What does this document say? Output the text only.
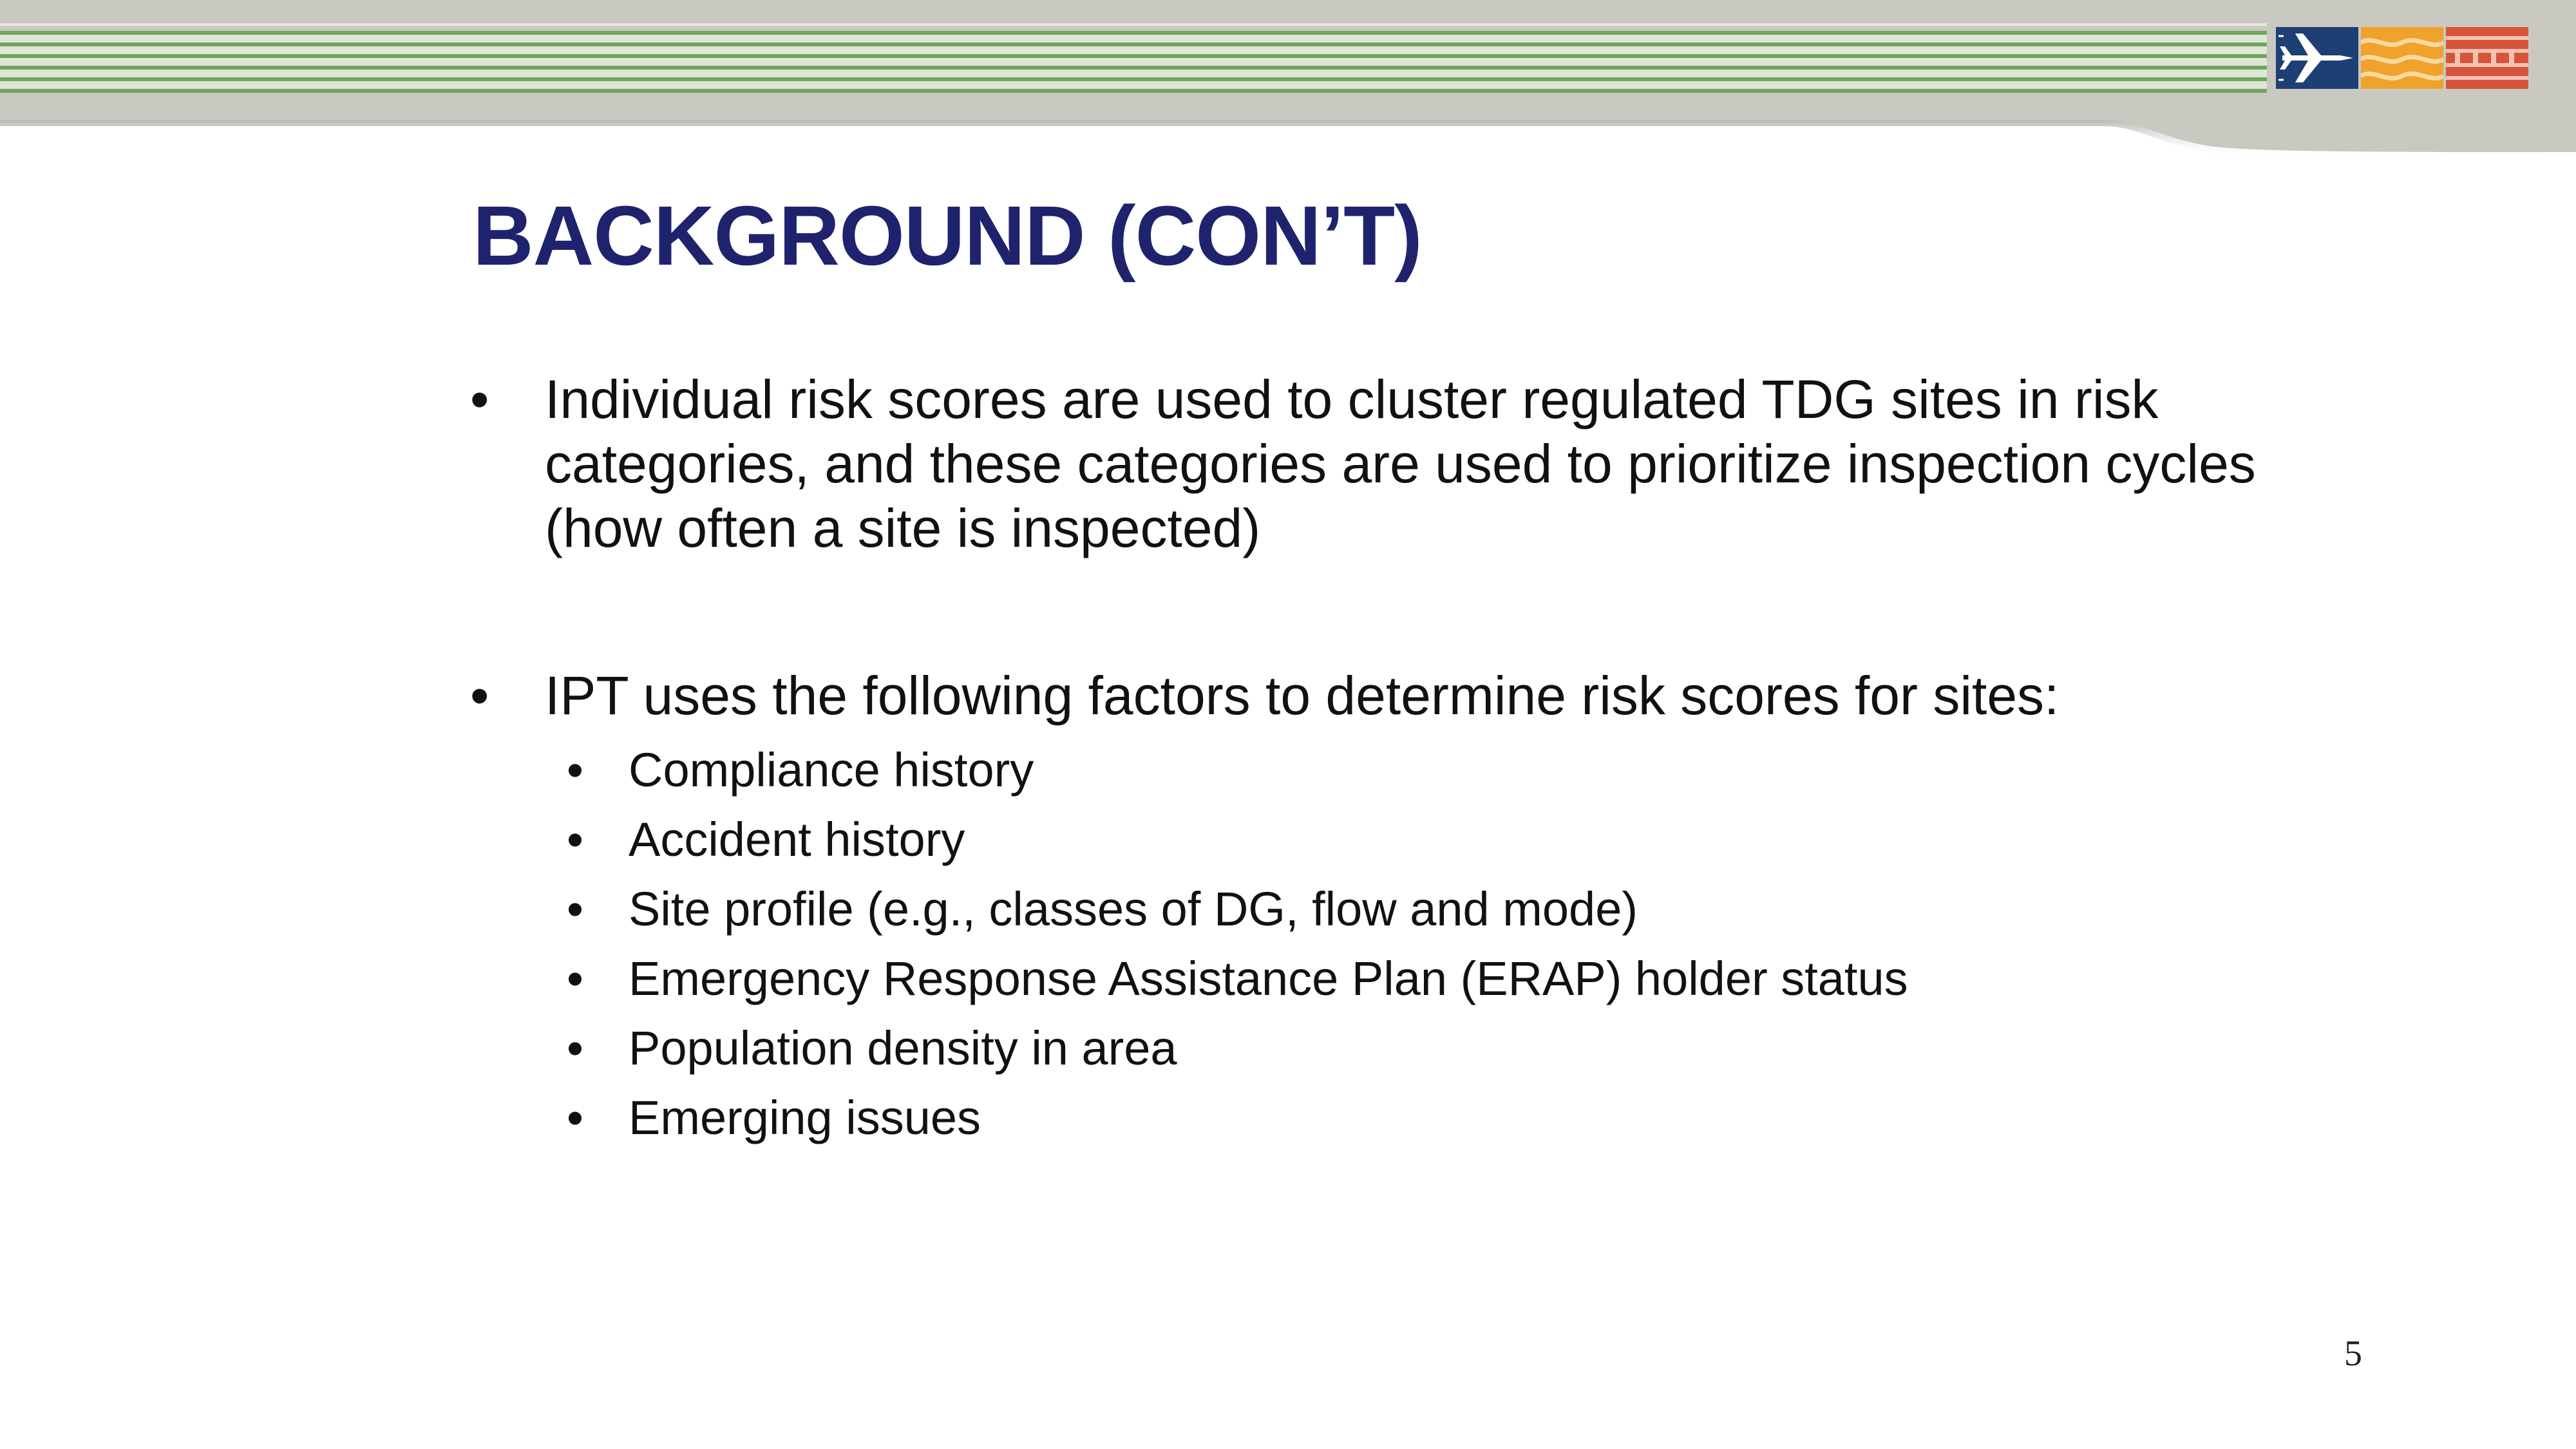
BACKGROUND (CON’T)
• Individual risk scores are used to cluster regulated TDG sites in risk categories, and these categories are used to prioritize inspection cycles (how often a site is inspected)
• IPT uses the following factors to determine risk scores for sites:
• Compliance history
• Accident history
• Site profile (e.g., classes of DG, flow and mode)
• Emergency Response Assistance Plan (ERAP) holder status
• Population density in area
• Emerging issues
5
